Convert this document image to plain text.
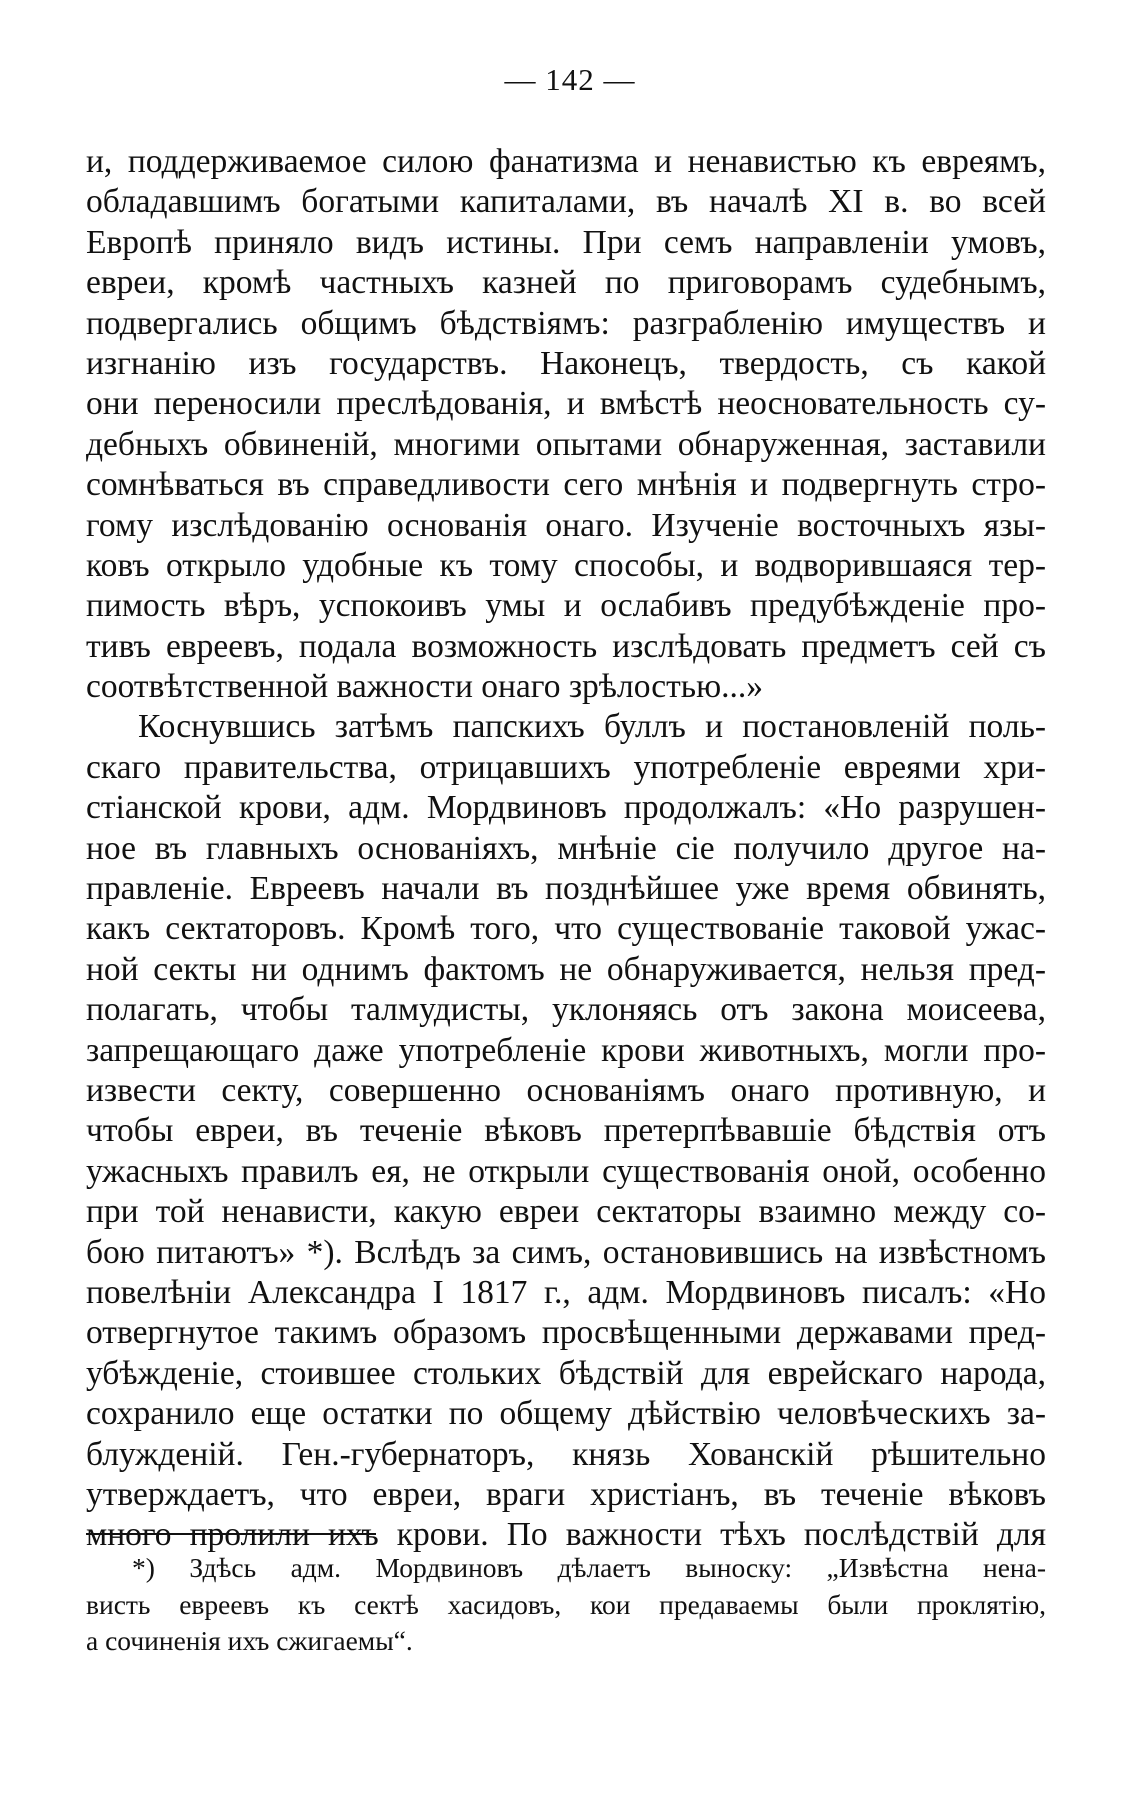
— 142 —
и, поддерживаемое силою фанатизма и ненавистью къ евреямъ,
обладавшимъ богатыми капиталами, въ началѣ XI в. во всей
Европѣ приняло видъ истины. При семъ направленіи умовъ,
евреи, кромѣ частныхъ казней по приговорамъ судебнымъ,
подвергались общимъ бѣдствіямъ: разграбленію имуществъ и
изгнанію изъ государствъ. Наконецъ, твердость, съ какой
они переносили преслѣдованія, и вмѣстѣ неосновательность су-
дебныхъ обвиненій, многими опытами обнаруженная, заставили
сомнѣваться въ справедливости сего мнѣнія и подвергнуть стро-
гому изслѣдованію основанія онаго. Изученіе восточныхъ язы-
ковъ открыло удобные къ тому способы, и водворившаяся тер-
пимость вѣръ, успокоивъ умы и ослабивъ предубѣжденіе про-
тивъ евреевъ, подала возможность изслѣдовать предметъ сей съ
соотвѣтственной важности онаго зрѣлостью...»
Коснувшись затѣмъ папскихъ буллъ и постановленій поль-
скаго правительства, отрицавшихъ употребленіе евреями хри-
стіанской крови, адм. Мордвиновъ продолжалъ: «Но разрушен-
ное въ главныхъ основаніяхъ, мнѣніе сіе получило другое на-
правленіе. Евреевъ начали въ позднѣйшее уже время обвинять,
какъ сектаторовъ. Кромѣ того, что существованіе таковой ужас-
ной секты ни однимъ фактомъ не обнаруживается, нельзя пред-
полагать, чтобы талмудисты, уклоняясь отъ закона моисеева,
запрещающаго даже употребленіе крови животныхъ, могли про-
извести секту, совершенно основаніямъ онаго противную, и
чтобы евреи, въ теченіе вѣковъ претерпѣвавшіе бѣдствія отъ
ужасныхъ правилъ ея, не открыли существованія оной, особенно
при той ненависти, какую евреи сектаторы взаимно между со-
бою питаютъ» *). Вслѣдъ за симъ, остановившись на извѣстномъ
повелѣніи Александра I 1817 г., адм. Мордвиновъ писалъ: «Но
отвергнутое такимъ образомъ просвѣщенными державами пред-
убѣжденіе, стоившее стольких бѣдствій для еврейскаго народа,
сохранило еще остатки по общему дѣйствію человѣческихъ за-
блужденій. Ген.-губернаторъ, князь Хованскій рѣшительно
утверждаетъ, что евреи, враги христіанъ, въ теченіе вѣковъ
много пролили ихъ крови. По важности тѣхъ послѣдствій для
*) Здѣсь адм. Мордвиновъ дѣлаетъ выноску: „Извѣстна нена-
висть евреевъ къ сектѣ хасидовъ, кои предаваемы были проклятію,
а сочиненія ихъ сжигаемы“.
